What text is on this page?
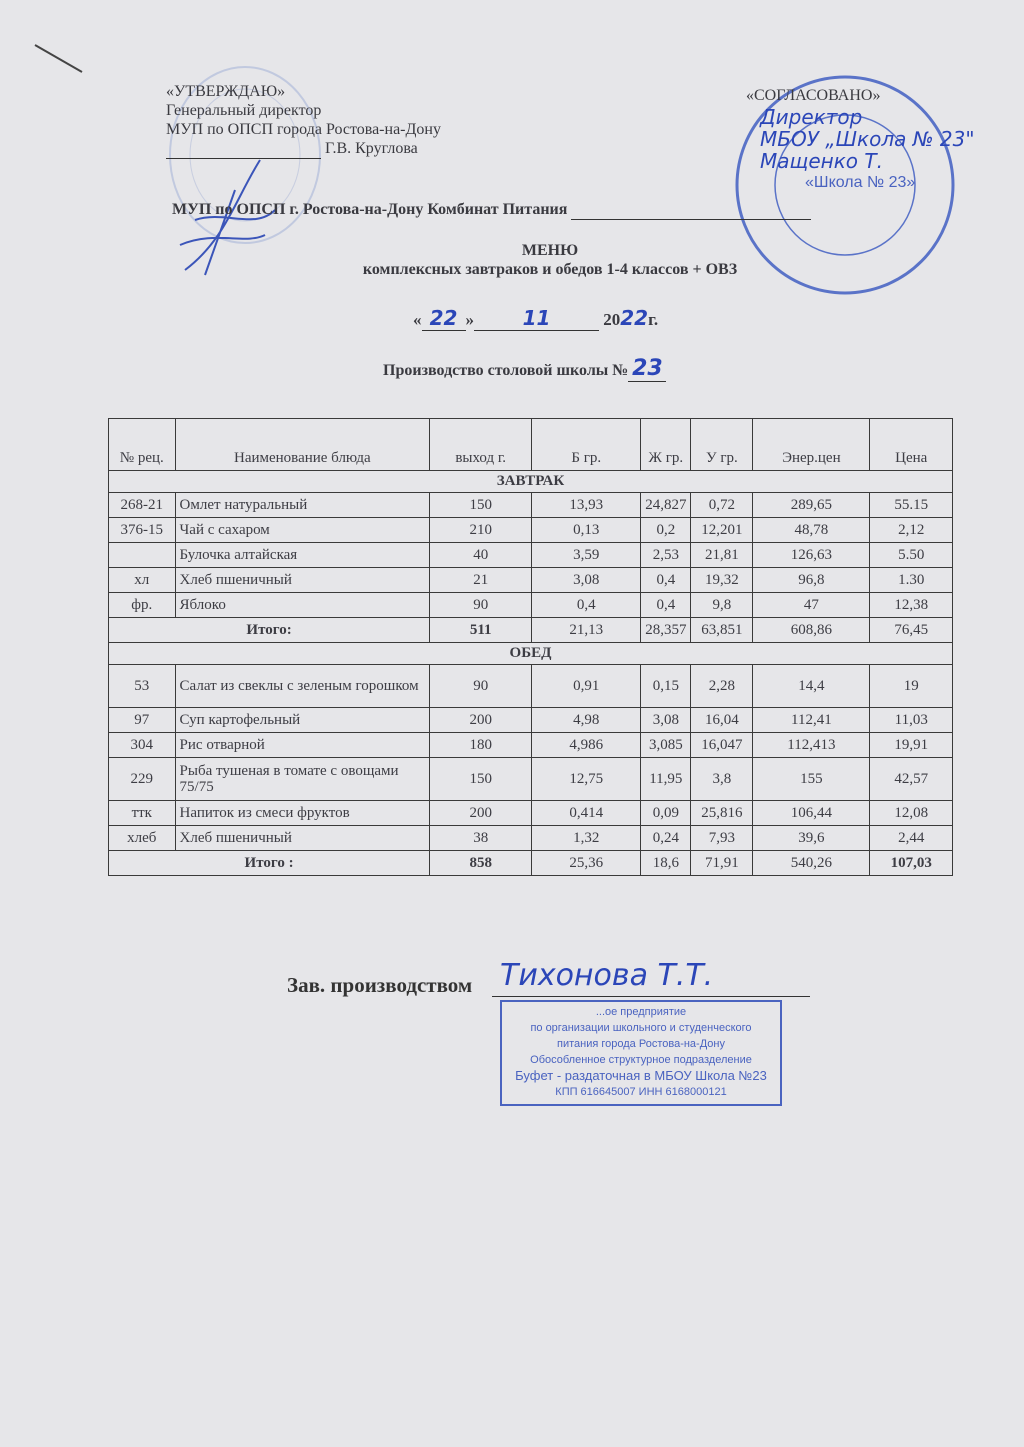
«УТВЕРЖДАЮ»
Генеральный директор
МУП по ОПСП города Ростова-на-Дону
Г.В. Круглова
«СОГЛАСОВАНО»
Директор
МБОУ „Школа № 23"
Мащенко Т.
«Школа № 23»
МУП по ОПСП г. Ростова-на-Дону Комбинат Питания
МЕНЮ
комплексных завтраков и обедов 1-4 классов + ОВЗ
« 22 » 11	2022г.
Производство столовой школы № 23
№ рец.	Наименование блюда	выход г.	Б гр.	Ж гр.	У гр.	Энер.цен	Цена
ЗАВТРАК							
268-21	Омлет натуральный	150	13,93	24,827	0,72	289,65	55.15
376-15	Чай с сахаром	210	0,13	0,2	12,201	48,78	2,12
	Булочка алтайская	40	3,59	2,53	21,81	126,63	5.50
хл	Хлеб пшеничный	21	3,08	0,4	19,32	96,8	1.30
фр.	Яблоко	90	0,4	0,4	9,8	47	12,38
Итого:		511	21,13	28,357	63,851	608,86	76,45
ОБЕД							
53	Салат из свеклы с зеленым горошком	90	0,91	0,15	2,28	14,4	19
97	Суп картофельный	200	4,98	3,08	16,04	112,41	11,03
304	Рис отварной	180	4,986	3,085	16,047	112,413	19,91
229	Рыба тушеная в томате с овощами 75/75	150	12,75	11,95	3,8	155	42,57
ттк	Напиток из смеси фруктов	200	0,414	0,09	25,816	106,44	12,08
хлеб	Хлеб пшеничный	38	1,32	0,24	7,93	39,6	2,44
Итого :		858	25,36	18,6	71,91	540,26	107,03
Зав. производством Тихонова Т.Т.
...ое предприятие
по организации школьного и студенческого
питания города Ростова-на-Дону
Обособленное структурное подразделение
Буфет - раздаточная в МБОУ Школа №23
КПП 616645007 ИНН 6168000121
